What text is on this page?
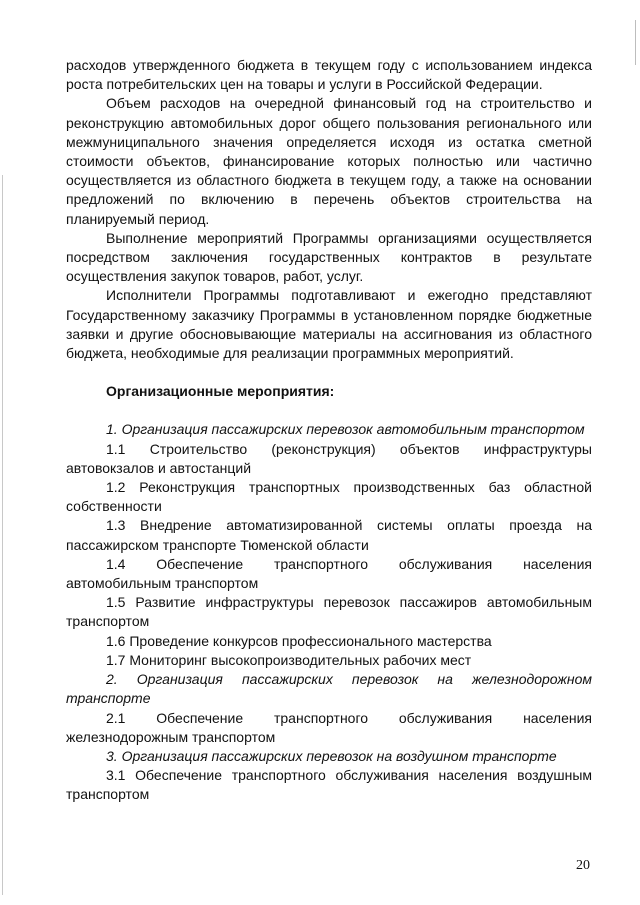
расходов утвержденного бюджета в текущем году с использованием индекса роста потребительских цен на товары и услуги в Российской Федерации.

Объем расходов на очередной финансовый год на строительство и реконструкцию автомобильных дорог общего пользования регионального или межмуниципального значения определяется исходя из остатка сметной стоимости объектов, финансирование которых полностью или частично осуществляется из областного бюджета в текущем году, а также на основании предложений по включению в перечень объектов строительства на планируемый период.

Выполнение мероприятий Программы организациями осуществляется посредством заключения государственных контрактов в результате осуществления закупок товаров, работ, услуг.

Исполнители Программы подготавливают и ежегодно представляют Государственному заказчику Программы в установленном порядке бюджетные заявки и другие обосновывающие материалы на ассигнования из областного бюджета, необходимые для реализации программных мероприятий.

Организационные мероприятия:

1. Организация пассажирских перевозок автомобильным транспортом

1.1 Строительство (реконструкция) объектов инфраструктуры автовокзалов и автостанций

1.2 Реконструкция транспортных производственных баз областной собственности

1.3 Внедрение автоматизированной системы оплаты проезда на пассажирском транспорте Тюменской области

1.4 Обеспечение транспортного обслуживания населения автомобильным транспортом

1.5 Развитие инфраструктуры перевозок пассажиров автомобильным транспортом

1.6 Проведение конкурсов профессионального мастерства

1.7 Мониторинг высокопроизводительных рабочих мест

2. Организация пассажирских перевозок на железнодорожном транспорте

2.1 Обеспечение транспортного обслуживания населения железнодорожным транспортом

3. Организация пассажирских перевозок на воздушном транспорте

3.1 Обеспечение транспортного обслуживания населения воздушным транспортом

20
